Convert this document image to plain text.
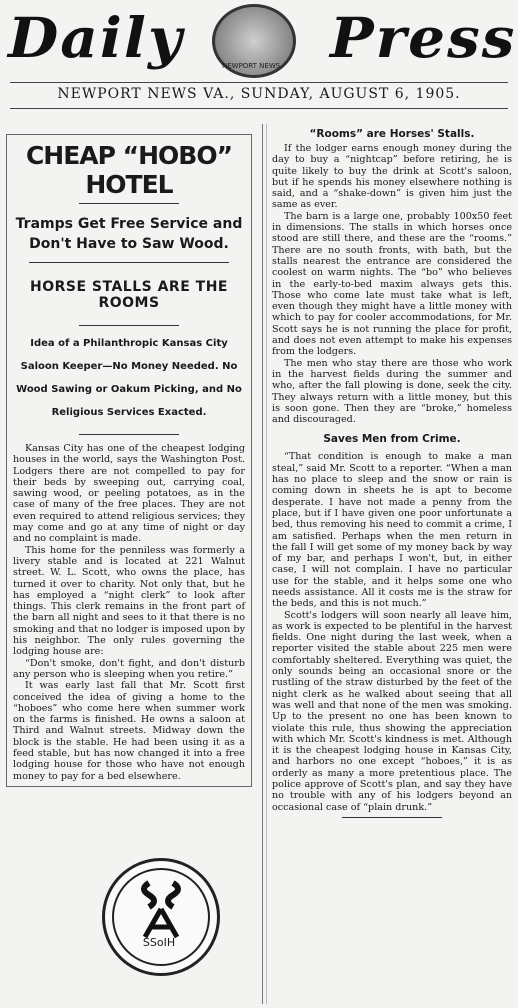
Daily	NEWPORT NEWS Press
NEWPORT NEWS VA., SUNDAY, AUGUST 6, 1905.
CHEAP “HOBO” HOTEL
Tramps Get Free Service and Don't Have to Saw Wood.
HORSE STALLS ARE THE ROOMS
Idea of a Philanthropic Kansas City Saloon Keeper—No Money Needed. No Wood Sawing or Oakum Picking, and No Religious Services Exacted.

Kansas City has one of the cheapest lodging houses in the world, says the Washington Post. Lodgers there are not compelled to pay for their beds by sweeping out, carrying coal, sawing wood, or peeling potatoes, as in the case of many of the free places. They are not even required to attend religious services; they may come and go at any time of night or day and no complaint is made.

This home for the penniless was formerly a livery stable and is located at 221 Walnut street. W. L. Scott, who owns the place, has turned it over to charity. Not only that, but he has employed a “night clerk” to look after things. This clerk remains in the front part of the barn all night and sees to it that there is no smoking and that no lodger is imposed upon by his neighbor. The only rules governing the lodging house are:

“Don't smoke, don't fight, and don't disturb any person who is sleeping when you retire.”

It was early last fall that Mr. Scott first conceived the idea of giving a home to the “hoboes” who come here when summer work on the farms is finished. He owns a saloon at Third and Walnut streets. Midway down the block is the stable. He had been using it as a feed stable, but has now changed it into a free lodging house for those who have not enough money to pay for a bed elsewhere.

“Rooms” are Horses' Stalls.

If the lodger earns enough money during the day to buy a “nightcap” before retiring, he is quite likely to buy the drink at Scott's saloon, but if he spends his money elsewhere nothing is said, and a “shake-down” is given him just the same as ever.

The barn is a large one, probably 100x50 feet in dimensions. The stalls in which horses once stood are still there, and these are the “rooms.” There are no south fronts, with bath, but the stalls nearest the entrance are considered the coolest on warm nights. The “bo” who believes in the early-to-bed maxim always gets this. Those who come late must take what is left, even though they might have a little money with which to pay for cooler accommodations, for Mr. Scott says he is not running the place for profit, and does not even attempt to make his expenses from the lodgers.

The men who stay there are those who work in the harvest fields during the summer and who, after the fall plowing is done, seek the city. They always return with a little money, but this is soon gone. Then they are “broke,” homeless and discouraged.

Saves Men from Crime.

“That condition is enough to make a man steal,” said Mr. Scott to a reporter. “When a man has no place to sleep and the snow or rain is coming down in sheets he is apt to become desperate. I have not made a penny from the place, but if I have given one poor unfortunate a bed, thus removing his need to commit a crime, I am satisfied. Perhaps when the men return in the fall I will get some of my money back by way of my bar, and perhaps I won't, but, in either case, I will not complain. I have no particular use for the stable, and it helps some one who needs assistance. All it costs me is the straw for the beds, and this is not much.”

Scott's lodgers will soon nearly all leave him, as work is expected to be plentiful in the harvest fields. One night during the last week, when a reporter visited the stable about 225 men were comfortably sheltered. Everything was quiet, the only sounds being an occasional snore or the rustling of the straw disturbed by the feet of the night clerk as he walked about seeing that all was well and that none of the men was smoking. Up to the present no one has been known to violate this rule, thus showing the appreciation with which Mr. Scott's kindness is met. Although it is the cheapest lodging house in Kansas City, and harbors no one except “hoboes,” it is as orderly as many a more pretentious place. The police approve of Scott's plan, and say they have no trouble with any of his lodgers beyond an occasional case of “plain drunk.”

SSoIH
